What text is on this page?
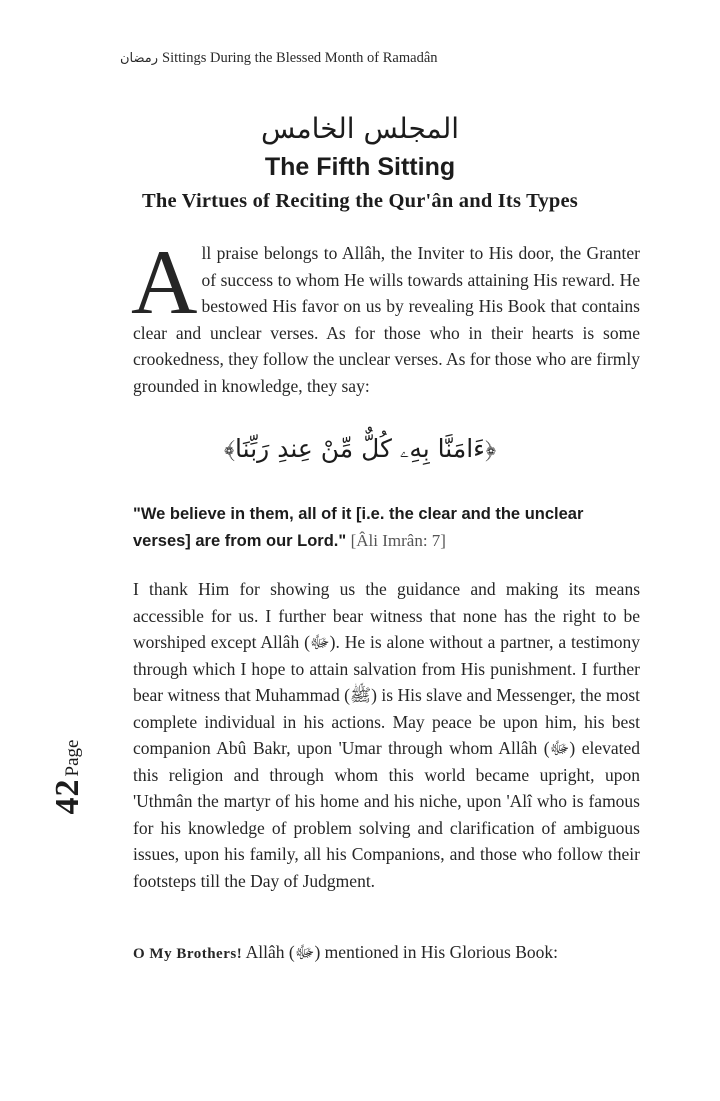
رمضان Sittings During the Blessed Month of Ramadân
42
Page
المجلس الخامس
The Fifth Sitting
The Virtues of Reciting the Qur'ân and Its Types
All praise belongs to Allâh, the Inviter to His door, the Granter of success to whom He wills towards attaining His reward. He bestowed His favor on us by revealing His Book that contains clear and unclear verses. As for those who in their hearts is some crookedness, they follow the unclear verses. As for those who are firmly grounded in knowledge, they say:
﴿ءَامَنَّا بِهِۦ كُلٌّ مِّنْ عِندِ رَبِّنَا﴾
"We believe in them, all of it [i.e. the clear and the unclear verses] are from our Lord." [Âli Imrân: 7]
I thank Him for showing us the guidance and making its means accessible for us. I further bear witness that none has the right to be worshiped except Allâh (ﷻ). He is alone without a partner, a testimony through which I hope to attain salvation from His punishment. I further bear witness that Muhammad (ﷺ) is His slave and Messenger, the most complete individual in his actions. May peace be upon him, his best companion Abû Bakr, upon 'Umar through whom Allâh (ﷻ) elevated this religion and through whom this world became upright, upon 'Uthmân the martyr of his home and his niche, upon 'Alî who is famous for his knowledge of problem solving and clarification of ambiguous issues, upon his family, all his Companions, and those who follow their footsteps till the Day of Judgment.
O My Brothers! Allâh (ﷻ) mentioned in His Glorious Book:
